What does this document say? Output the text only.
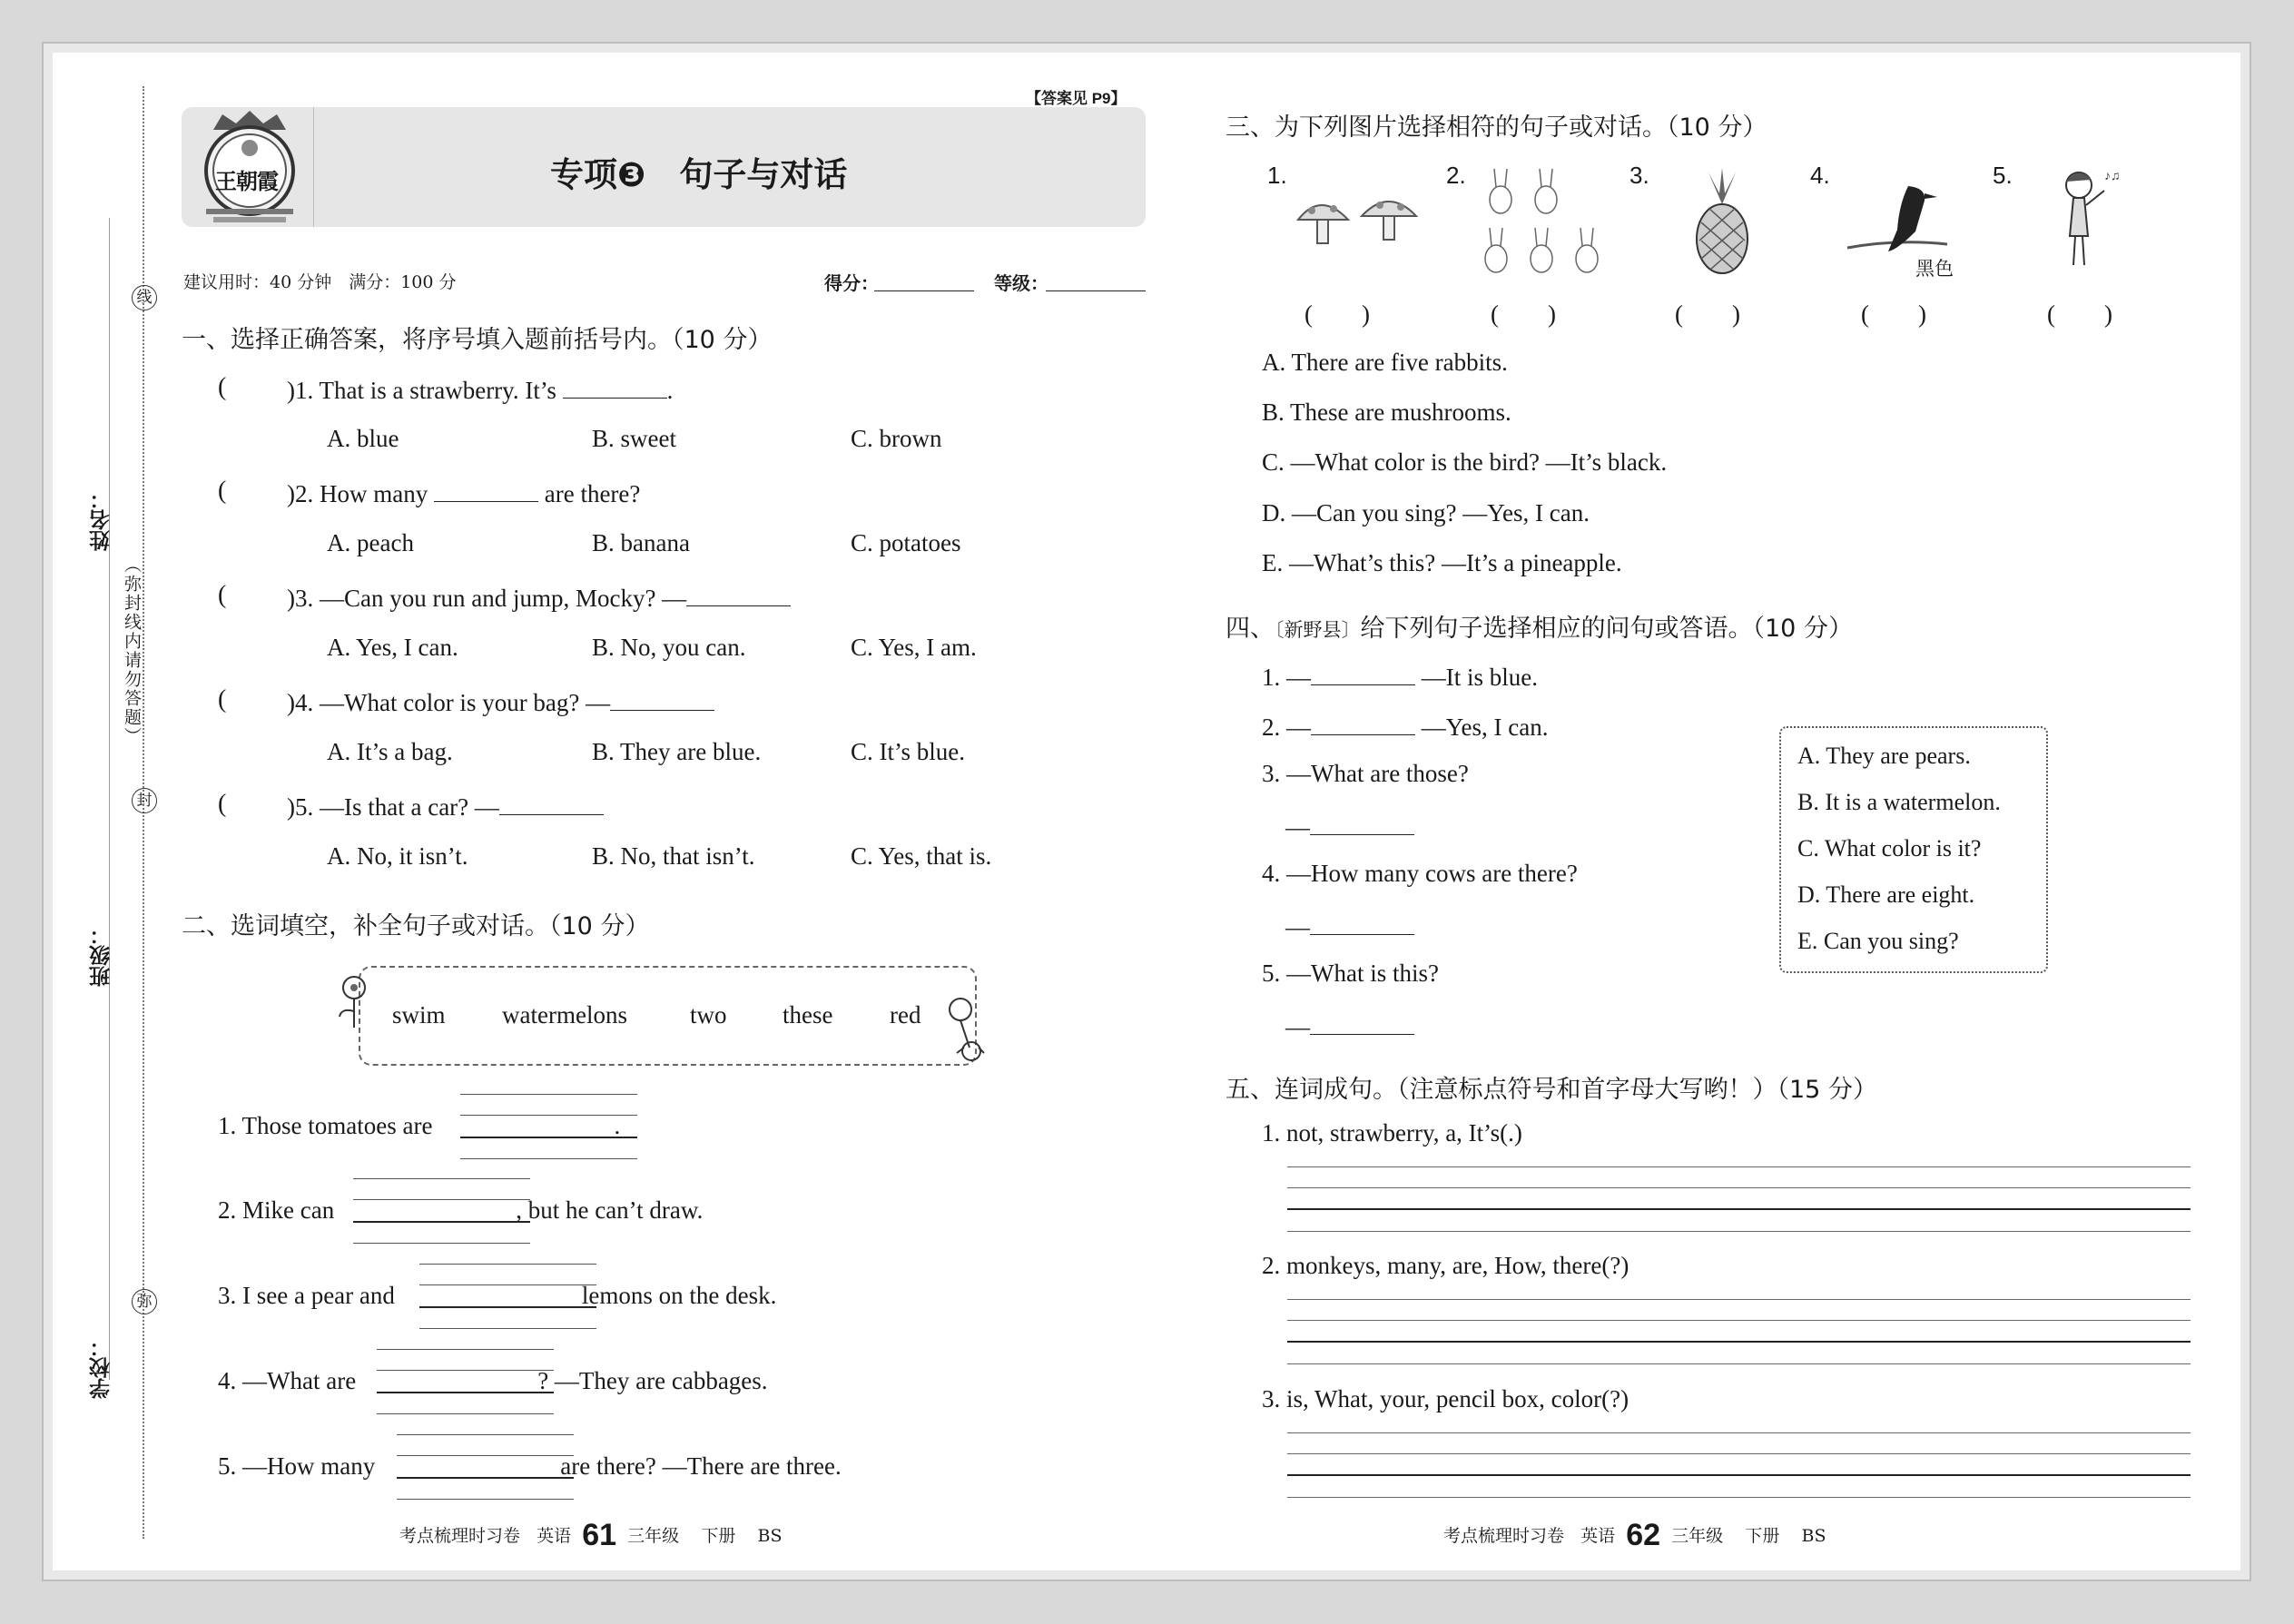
线
封
弥
（弥封线内请勿答题）
姓名：
班级：
学校：
【答案见 P9】
王朝霞	专项❸　句子与对话
建议用时：40 分钟　满分：100 分	得分：	等级：
一、选择正确答案，将序号填入题前括号内。（10 分）
( )1. That is a strawberry. It’s	.
A. blue	B. sweet	C. brown
( )2. How many	are there?
A. peach	B. banana	C. potatoes
( )3. —Can you run and jump, Mocky? —
A. Yes, I can.	B. No, you can.	C. Yes, I am.
( )4. —What color is your bag? —
A. It’s a bag.	B. They are blue.	C. It’s blue.
( )5. —Is that a car? —
A. No, it isn’t.	B. No, that isn’t.	C. Yes, that is.
二、选词填空，补全句子或对话。（10 分）
swim watermelons	two these red
1. Those tomatoes are	.
2. Mike can	, but he can’t draw.
3. I see a pear and	lemons on the desk.
4. —What are	? —They are cabbages.
5. —How many	are there? —There are three.
考点梳理时习卷 英语 61 三年级 下册 BS
三、为下列图片选择相符的句子或对话。（10 分）
1.	2.	3.	4.	5.
黑色
♪♫
(　　)	(　　)	(　　)	(　　)	(　　)
A. There are five rabbits.
B. These are mushrooms.
C. —What color is the bird? —It’s black.
D. —Can you sing? —Yes, I can.
E. —What’s this? —It’s a pineapple.
四、〔新野县〕给下列句子选择相应的问句或答语。（10 分）
1. —	—It is blue.
2. —	—Yes, I can.
3. —What are those?
—
4. —How many cows are there?
—
5. —What is this?
—
A. They are pears.
B. It is a watermelon.
C. What color is it?
D. There are eight.
E. Can you sing?
五、连词成句。（注意标点符号和首字母大写哟！）（15 分）
1. not, strawberry, a, It’s(.)
2. monkeys, many, are, How, there(?)
3. is, What, your, pencil box, color(?)
考点梳理时习卷 英语 62 三年级 下册 BS
